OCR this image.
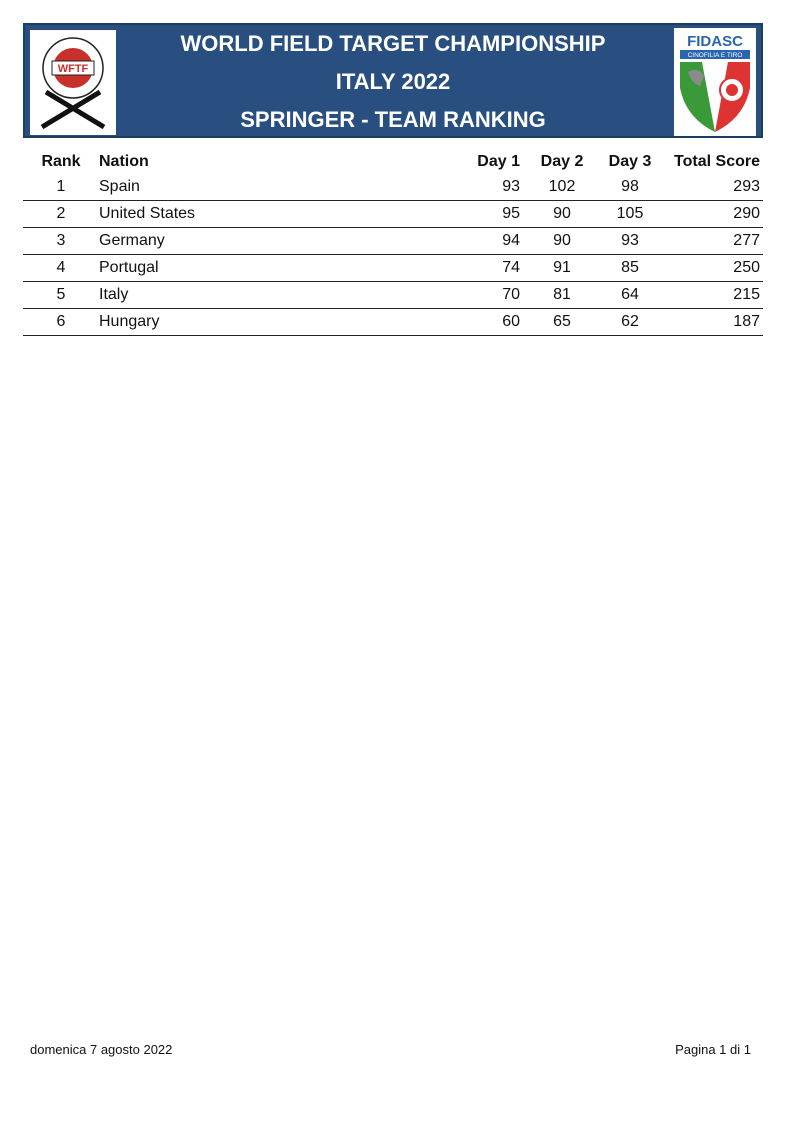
WFTF
WORLD FIELD TARGET CHAMPIONSHIP
ITALY 2022
SPRINGER - TEAM RANKING
FIDASC
CINOFILIA E TIRO
Rank	Nation	Day 1	Day 2	Day 3	Total Score
1	Spain	93	102	98	293
2	United States	95	90	105	290
3	Germany	94	90	93	277
4	Portugal	74	91	85	250
5	Italy	70	81	64	215
6	Hungary	60	65	62	187
domenica 7 agosto 2022	Pagina 1 di 1
